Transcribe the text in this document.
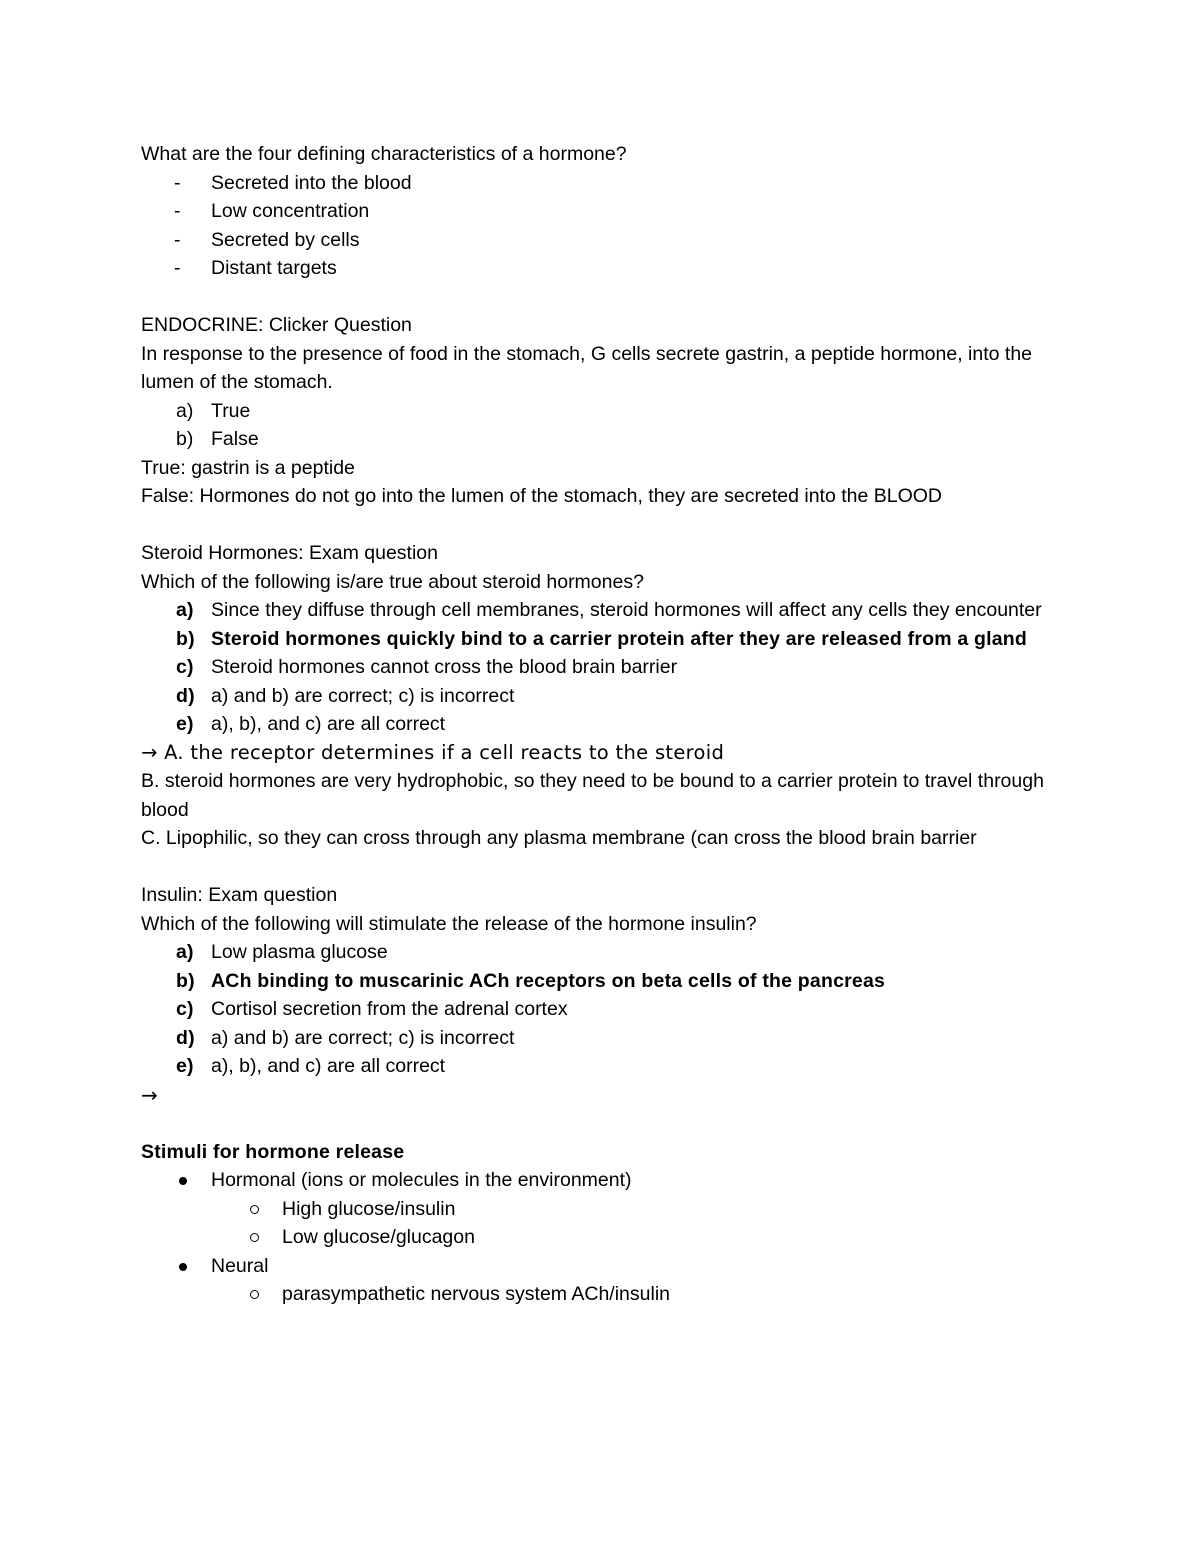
What are the four defining characteristics of a hormone?
-	Secreted into the blood
-	Low concentration
-	Secreted by cells
-	Distant targets
ENDOCRINE: Clicker Question
In response to the presence of food in the stomach, G cells secrete gastrin, a peptide hormone, into the lumen of the stomach.
a) True
b) False
True: gastrin is a peptide
False: Hormones do not go into the lumen of the stomach, they are secreted into the BLOOD
Steroid Hormones: Exam question
Which of the following is/are true about steroid hormones?
a) Since they diffuse through cell membranes, steroid hormones will affect any cells they encounter
b) Steroid hormones quickly bind to a carrier protein after they are released from a gland
c) Steroid hormones cannot cross the blood brain barrier
d) a) and b) are correct; c) is incorrect
e) a), b), and c) are all correct
→ A. the receptor determines if a cell reacts to the steroid
B. steroid hormones are very hydrophobic, so they need to be bound to a carrier protein to travel through blood
C. Lipophilic, so they can cross through any plasma membrane (can cross the blood brain barrier
Insulin: Exam question
Which of the following will stimulate the release of the hormone insulin?
a) Low plasma glucose
b) ACh binding to muscarinic ACh receptors on beta cells of the pancreas
c) Cortisol secretion from the adrenal cortex
d) a) and b) are correct; c) is incorrect
e) a), b), and c) are all correct
→
Stimuli for hormone release
Hormonal (ions or molecules in the environment)
High glucose/insulin
Low glucose/glucagon
Neural
parasympathetic nervous system ACh/insulin
